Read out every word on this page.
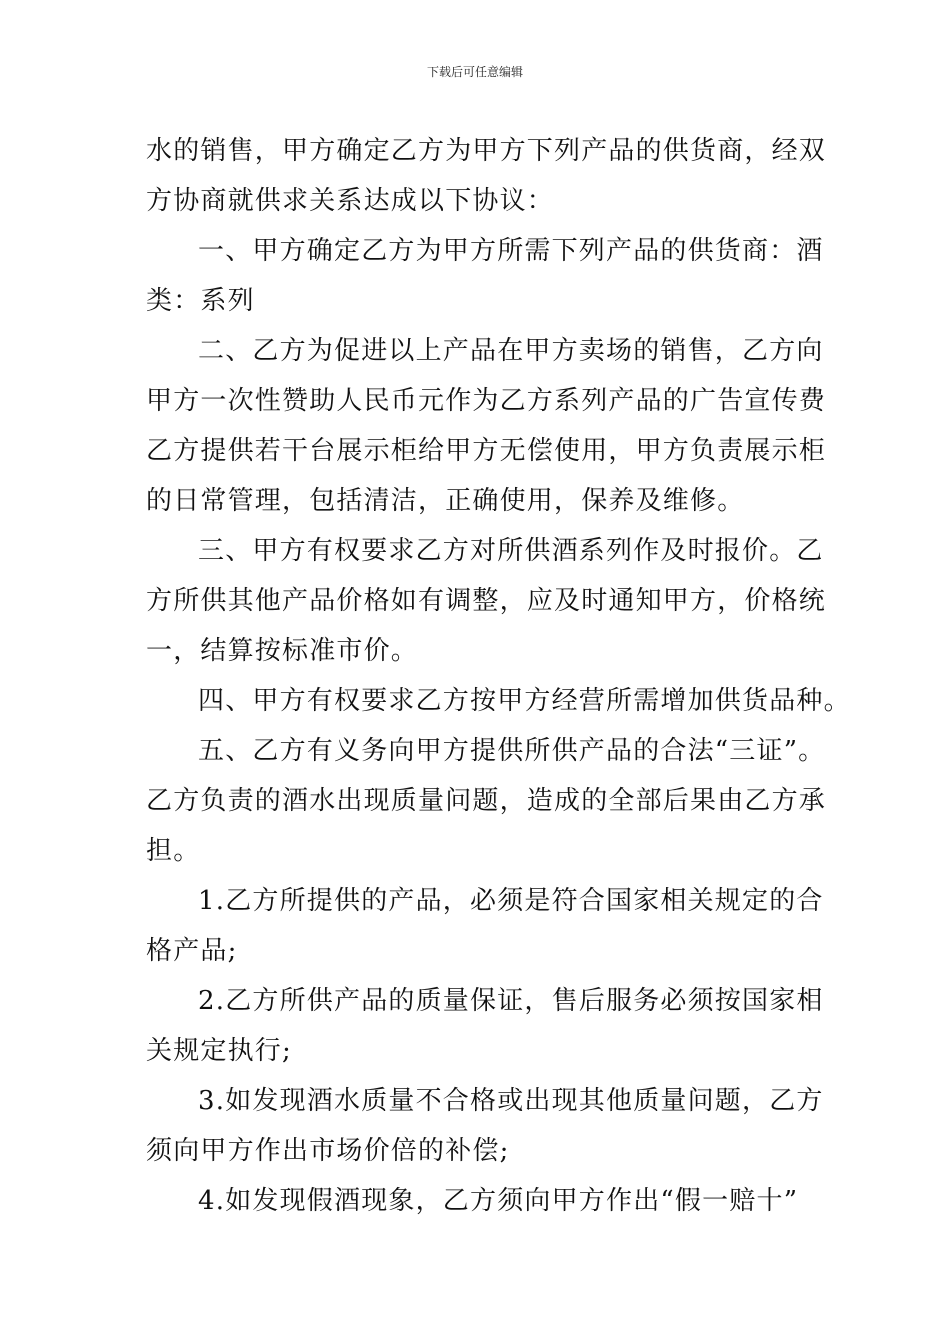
下载后可任意编辑
水的销售，甲方确定乙方为甲方下列产品的供货商，经双
方协商就供求关系达成以下协议：
一、甲方确定乙方为甲方所需下列产品的供货商：酒
类：系列
二、乙方为促进以上产品在甲方卖场的销售，乙方向
甲方一次性赞助人民币元作为乙方系列产品的广告宣传费
乙方提供若干台展示柜给甲方无偿使用，甲方负责展示柜
的日常管理，包括清洁，正确使用，保养及维修。
三、甲方有权要求乙方对所供酒系列作及时报价。乙
方所供其他产品价格如有调整，应及时通知甲方，价格统
一，结算按标准市价。
四、甲方有权要求乙方按甲方经营所需增加供货品种。
五、乙方有义务向甲方提供所供产品的合法“三证”。
乙方负责的酒水出现质量问题，造成的全部后果由乙方承
担。
1.乙方所提供的产品，必须是符合国家相关规定的合
格产品;
2.乙方所供产品的质量保证，售后服务必须按国家相
关规定执行;
3.如发现酒水质量不合格或出现其他质量问题，乙方
须向甲方作出市场价倍的补偿;
4.如发现假酒现象，乙方须向甲方作出“假一赔十”
